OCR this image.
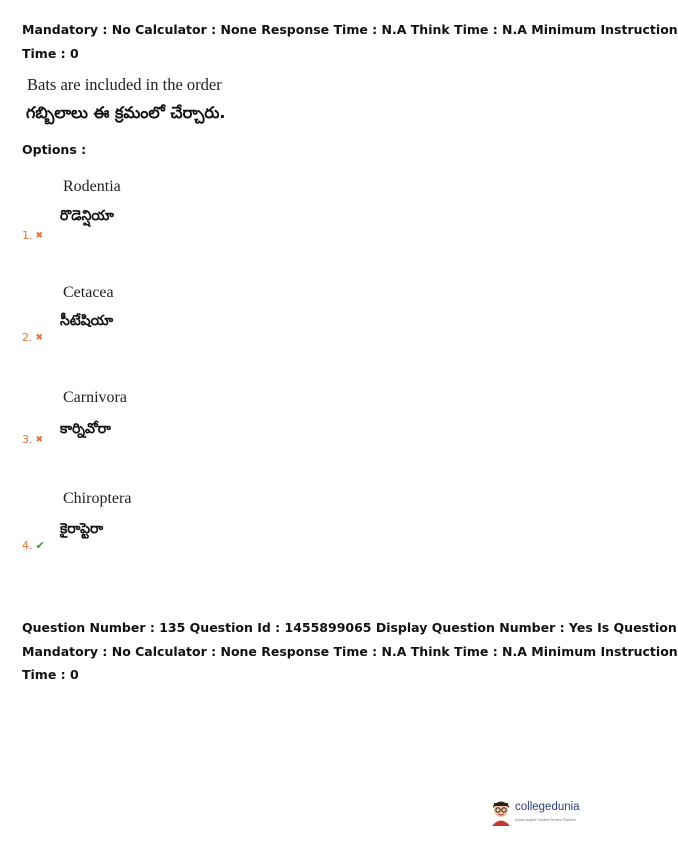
Mandatory : No Calculator : None Response Time : N.A Think Time : N.A Minimum Instruction
Time : 0
Bats are included in the order
గబ్బిలాలు ఈ క్రమంలో చేర్చారు.
Options :
Rodentia
రొడెన్షియా
1. ✖
Cetacea
సీటేషియా
2. ✖
Carnivora
కార్నివోరా
3. ✖
Chiroptera
కైరాప్టెరా
4. ✔
Question Number : 135 Question Id : 1455899065 Display Question Number : Yes Is Question
Mandatory : No Calculator : None Response Time : N.A Think Time : N.A Minimum Instruction
Time : 0
collegedunia
India's largest Student Review Platform
